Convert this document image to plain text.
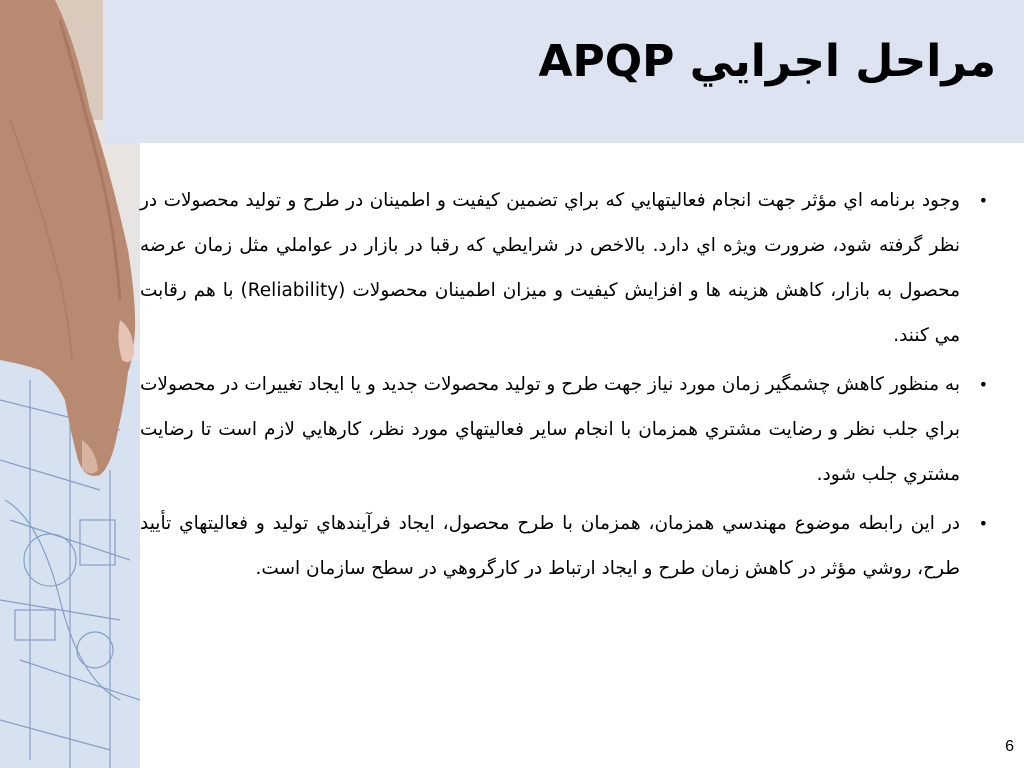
مراحل اجرايي APQP
•
وجود برنامه اي مؤثر جهت انجام فعاليتهايي كه براي تضمين كيفيت و اطمينان در طرح و توليد محصولات در نظر گرفته شود، ضرورت ويژه اي دارد. بالاخص در شرايطي كه رقبا در بازار در عواملي مثل زمان عرضه محصول به بازار، كاهش هزينه ها و افزايش كيفيت و ميزان اطمينان محصولات (Reliability) با هم رقابت مي كنند.
•
به منظور كاهش چشمگير زمان مورد نياز جهت طرح و توليد محصولات جديد و يا ايجاد تغييرات در محصولات براي جلب نظر و رضايت مشتري همزمان با انجام ساير فعاليتهاي مورد نظر، كارهايي لازم است تا رضايت مشتري جلب شود.
•
در اين رابطه موضوع مهندسي همزمان، همزمان با طرح محصول، ايجاد فرآيندهاي توليد و فعاليتهاي تأييد طرح، روشي مؤثر در كاهش زمان طرح و ايجاد ارتباط در كارگروهي در سطح سازمان است.
6
